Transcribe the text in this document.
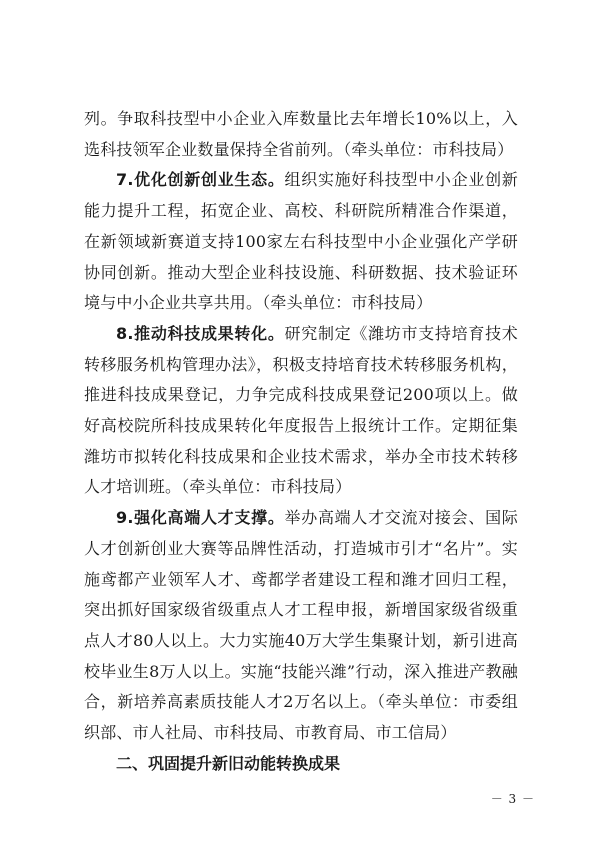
列。争取科技型中小企业入库数量比去年增长10%以上，入选科技领军企业数量保持全省前列。（牵头单位：市科技局）

7.优化创新创业生态。组织实施好科技型中小企业创新能力提升工程，拓宽企业、高校、科研院所精准合作渠道，在新领域新赛道支持100家左右科技型中小企业强化产学研协同创新。推动大型企业科技设施、科研数据、技术验证环境与中小企业共享共用。（牵头单位：市科技局）

8.推动科技成果转化。研究制定《潍坊市支持培育技术转移服务机构管理办法》，积极支持培育技术转移服务机构，推进科技成果登记，力争完成科技成果登记200项以上。做好高校院所科技成果转化年度报告上报统计工作。定期征集潍坊市拟转化科技成果和企业技术需求，举办全市技术转移人才培训班。（牵头单位：市科技局）

9.强化高端人才支撑。举办高端人才交流对接会、国际人才创新创业大赛等品牌性活动，打造城市引才“名片”。实施鸢都产业领军人才、鸢都学者建设工程和潍才回归工程，突出抓好国家级省级重点人才工程申报，新增国家级省级重点人才80人以上。大力实施40万大学生集聚计划，新引进高校毕业生8万人以上。实施“技能兴潍”行动，深入推进产教融合，新培养高素质技能人才2万名以上。（牵头单位：市委组织部、市人社局、市科技局、市教育局、市工信局）

二、巩固提升新旧动能转换成果

－ 3 －
